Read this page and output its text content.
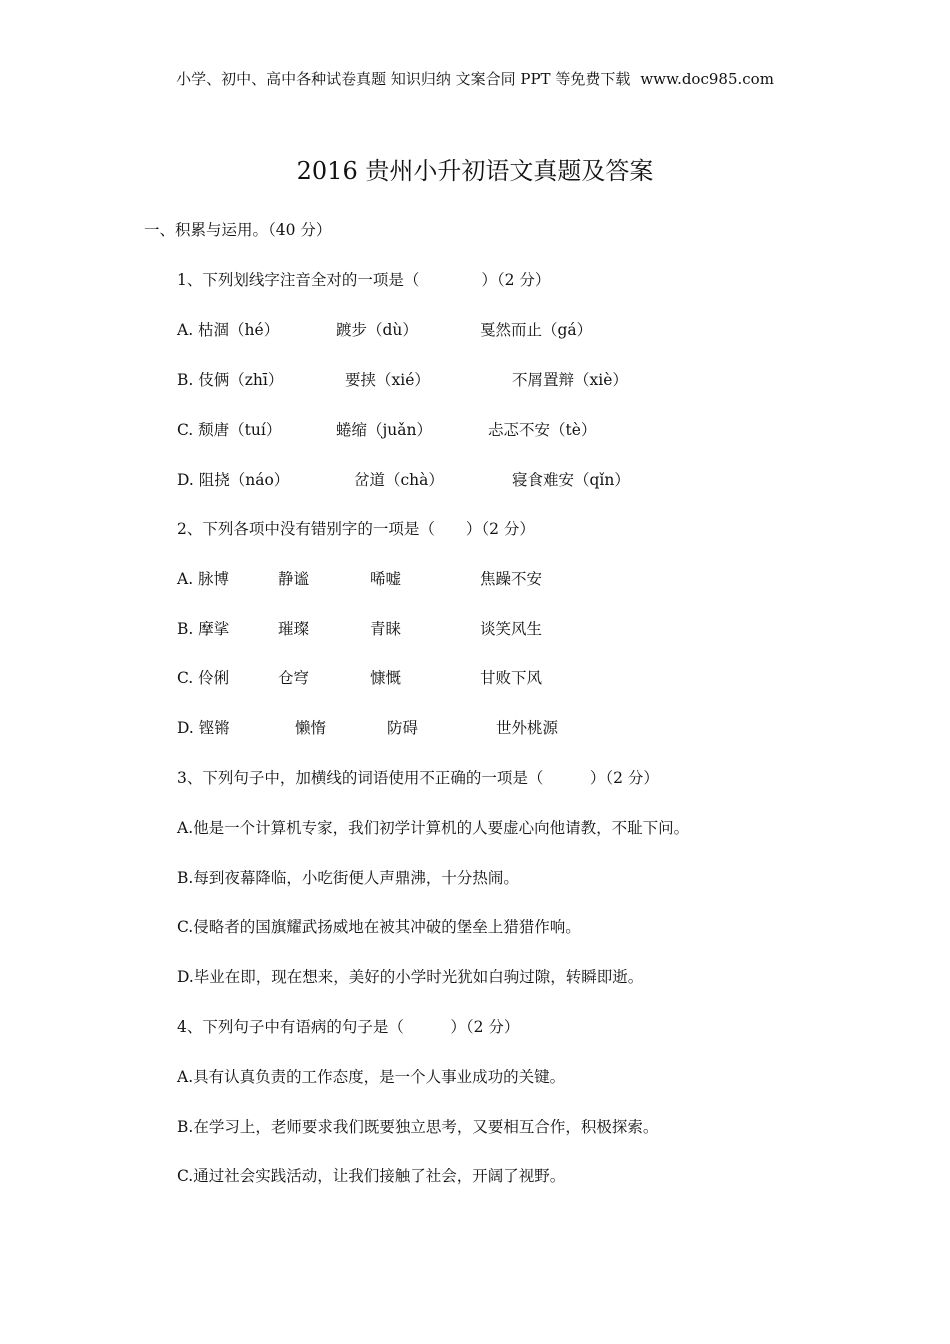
小学、初中、高中各种试卷真题 知识归纳 文案合同 PPT 等免费下载 www.doc985.com
2016 贵州小升初语文真题及答案
一、积累与运用。（40 分）
1、下列划线字注音全对的一项是（　　　　）（2 分）
A. 枯涸（hé）	踱步（dù）	戛然而止（gá）
B. 伎俩（zhī）	要挟（xié）	不屑置辩（xiè）
C. 颓唐（tuí）	蜷缩（juǎn）	忐忑不安（tè）
D. 阻挠（náo）	岔道（chà）	寝食难安（qǐn）
2、下列各项中没有错别字的一项是（　　）（2 分）
A. 脉博	静谧	唏嘘	焦躁不安
B. 摩挲	璀璨	青睐	谈笑风生
C. 伶俐	仓穹	慷慨	甘败下风
D. 铿锵	懒惰	防碍	世外桃源
3、下列句子中，加横线的词语使用不正确的一项是（　　　）（2 分）
A.他是一个计算机专家，我们初学计算机的人要虚心向他请教，不耻下问。
B.每到夜幕降临，小吃街便人声鼎沸，十分热闹。
C.侵略者的国旗耀武扬威地在被其冲破的堡垒上猎猎作响。
D.毕业在即，现在想来，美好的小学时光犹如白驹过隙，转瞬即逝。
4、下列句子中有语病的句子是（　　　）（2 分）
A.具有认真负责的工作态度，是一个人事业成功的关键。
B.在学习上，老师要求我们既要独立思考，又要相互合作，积极探索。
C.通过社会实践活动，让我们接触了社会，开阔了视野。
